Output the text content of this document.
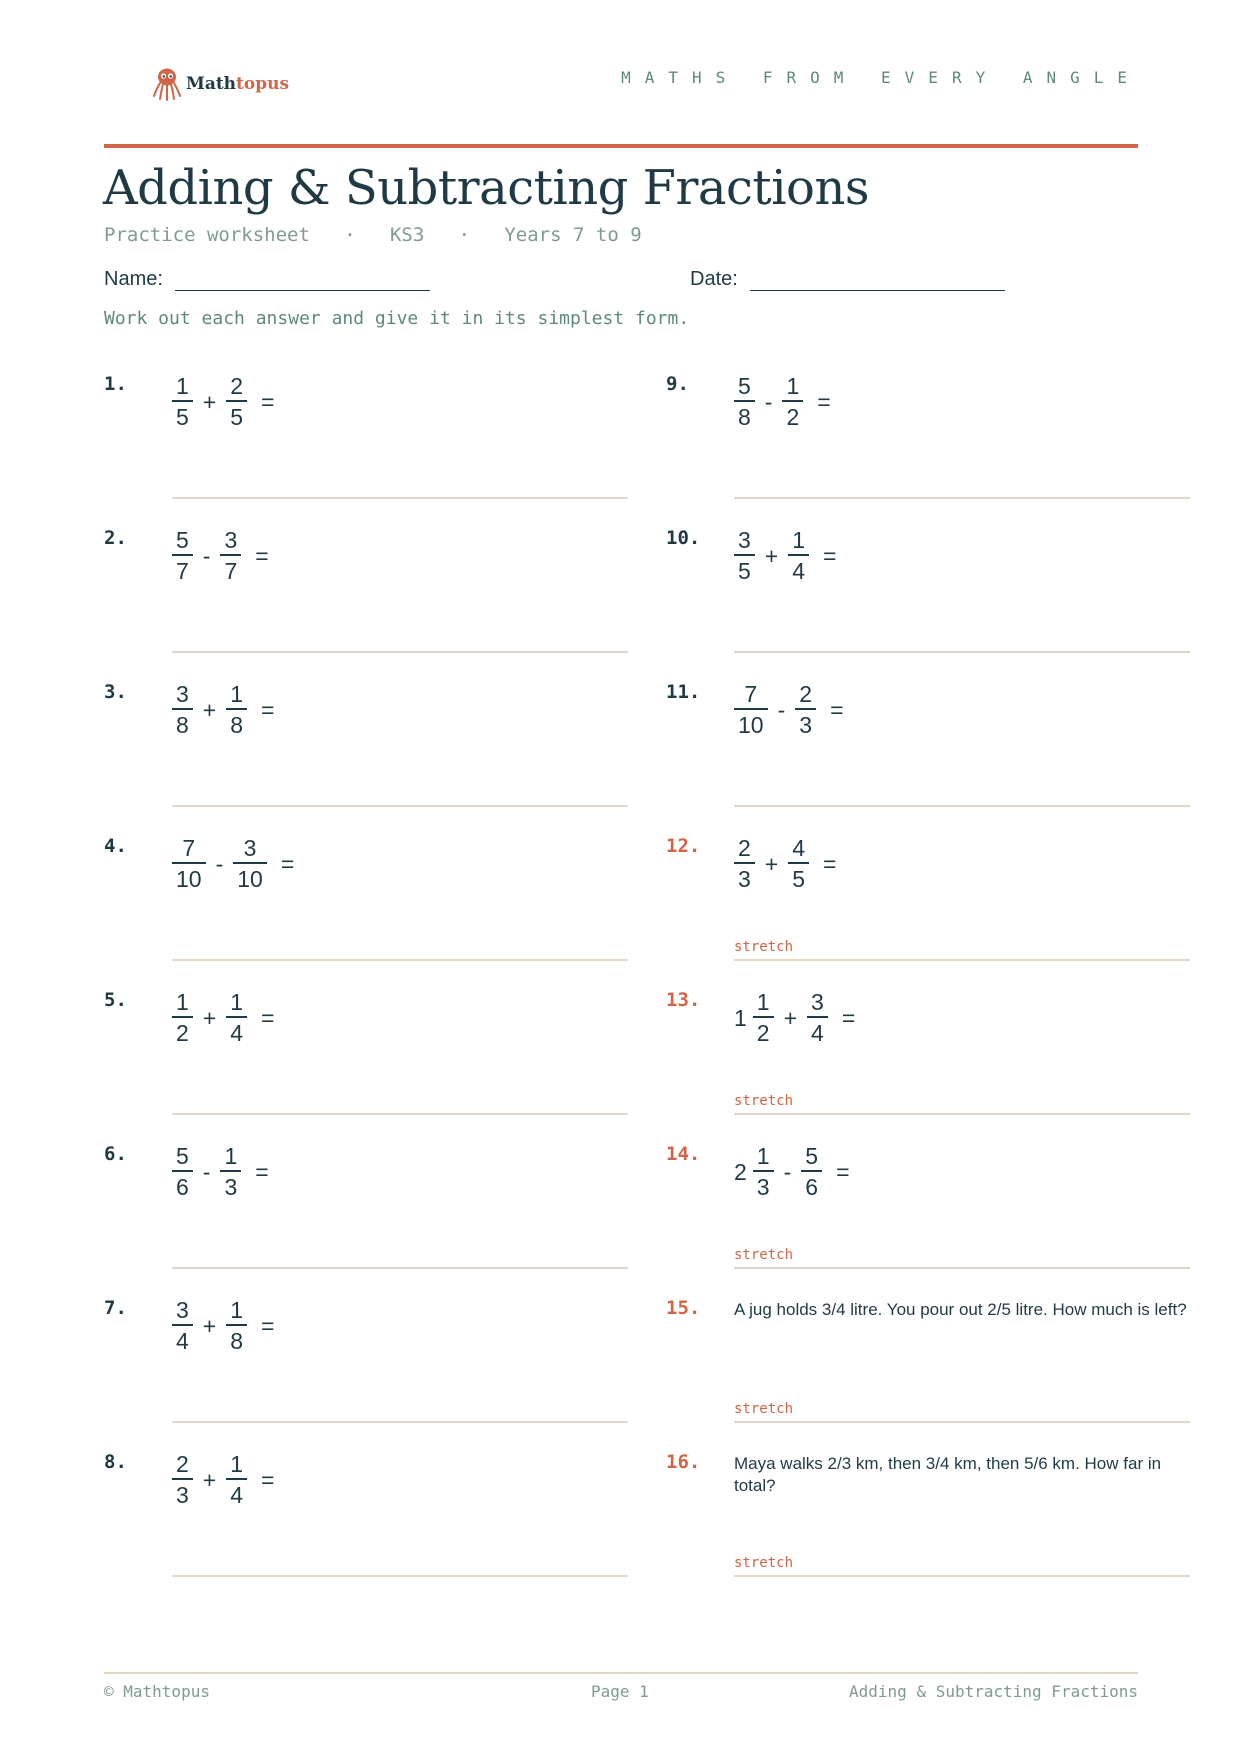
Mathtopus	MATHS FROM EVERY ANGLE
Adding & Subtracting Fractions
Practice worksheet   ·   KS3   ·   Years 7 to 9
Name:	Date:
Work out each answer and give it in its simplest form.
1. $\frac{1}{5} + \frac{2}{5}$ =
2. $\frac{5}{7} - \frac{3}{7}$ =
3. $\frac{3}{8} + \frac{1}{8}$ =
4. $\frac{7}{10} - \frac{3}{10}$ =
5. $\frac{1}{2} + \frac{1}{4}$ =
6. $\frac{5}{6} - \frac{1}{3}$ =
7. $\frac{3}{4} + \frac{1}{8}$ =
8. $\frac{2}{3} + \frac{1}{4}$ =
9. $\frac{5}{8} - \frac{1}{2}$ =
10. $\frac{3}{5} + \frac{1}{4}$ =
11. $\frac{7}{10} - \frac{2}{3}$ =
12. $\frac{2}{3} + \frac{4}{5}$ =
stretch
13.
$1 \frac{1}{2} + \frac{3}{4}$ =
stretch
14.
$2 \frac{1}{3} - \frac{5}{6}$ =
stretch
15. A jug holds 3/4 litre. You pour out 2/5 litre. How much is left?
stretch
16. Maya walks 2/3 km, then 3/4 km, then 5/6 km. How far in total?
stretch
© Mathtopus	Page 1	Adding & Subtracting Fractions
